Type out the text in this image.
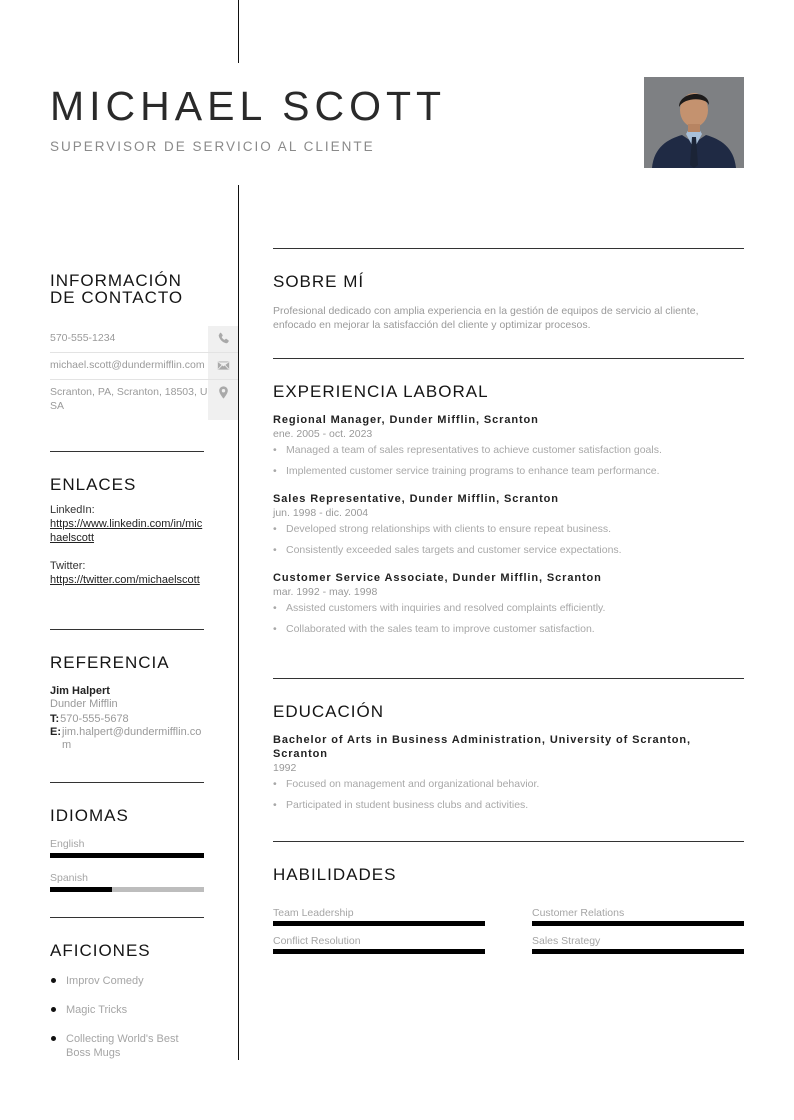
MICHAEL SCOTT
SUPERVISOR DE SERVICIO AL CLIENTE
INFORMACIÓN DE CONTACTO
570-555-1234
michael.scott@dundermifflin.com
Scranton, PA, Scranton, 18503, USA
ENLACES
LinkedIn:
https://www.linkedin.com/in/michaelscott
Twitter:
https://twitter.com/michaelscott
REFERENCIA
Jim Halpert
Dunder Mifflin
T: 570-555-5678
E: jim.halpert@dundermifflin.com
IDIOMAS
English
Spanish
AFICIONES
Improv Comedy
Magic Tricks
Collecting World's Best Boss Mugs
SOBRE MÍ
Profesional dedicado con amplia experiencia en la gestión de equipos de servicio al cliente, enfocado en mejorar la satisfacción del cliente y optimizar procesos.
EXPERIENCIA LABORAL
Regional Manager, Dunder Mifflin, Scranton
ene. 2005 - oct. 2023
• Managed a team of sales representatives to achieve customer satisfaction goals.
• Implemented customer service training programs to enhance team performance.
Sales Representative, Dunder Mifflin, Scranton
jun. 1998 - dic. 2004
• Developed strong relationships with clients to ensure repeat business.
• Consistently exceeded sales targets and customer service expectations.
Customer Service Associate, Dunder Mifflin, Scranton
mar. 1992 - may. 1998
• Assisted customers with inquiries and resolved complaints efficiently.
• Collaborated with the sales team to improve customer satisfaction.
EDUCACIÓN
Bachelor of Arts in Business Administration, University of Scranton, Scranton
1992
• Focused on management and organizational behavior.
• Participated in student business clubs and activities.
HABILIDADES
Team Leadership	Customer Relations
Conflict Resolution	Sales Strategy
